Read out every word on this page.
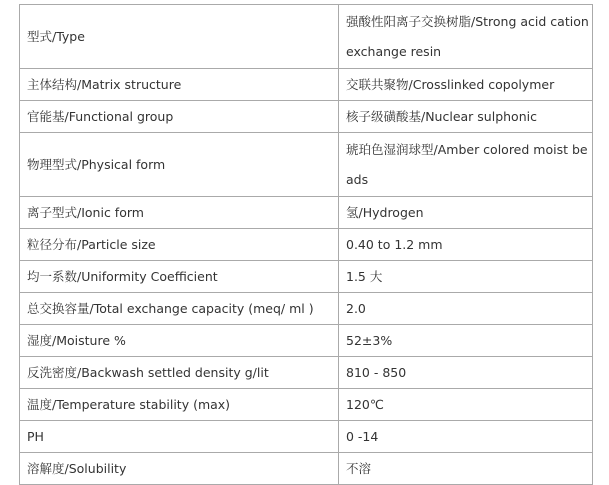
型式/Type	强酸性阳离子交换树脂/Strong acid cation exchange resin
主体结构/Matrix structure	交联共聚物/Crosslinked copolymer
官能基/Functional group	核子级磺酸基/Nuclear sulphonic
物理型式/Physical form	琥珀色湿润球型/Amber colored moist beads
离子型式/Ionic form	氢/Hydrogen
粒径分布/Particle size	0.40 to 1.2 mm
均一系数/Uniformity Coefficient	1.5 大
总交换容量/Total exchange capacity (meq/ ml )	2.0
湿度/Moisture %	52±3%
反洗密度/Backwash settled density g/lit	810 - 850
温度/Temperature stability (max)	120℃
PH	0 -14
溶解度/Solubility	不溶
